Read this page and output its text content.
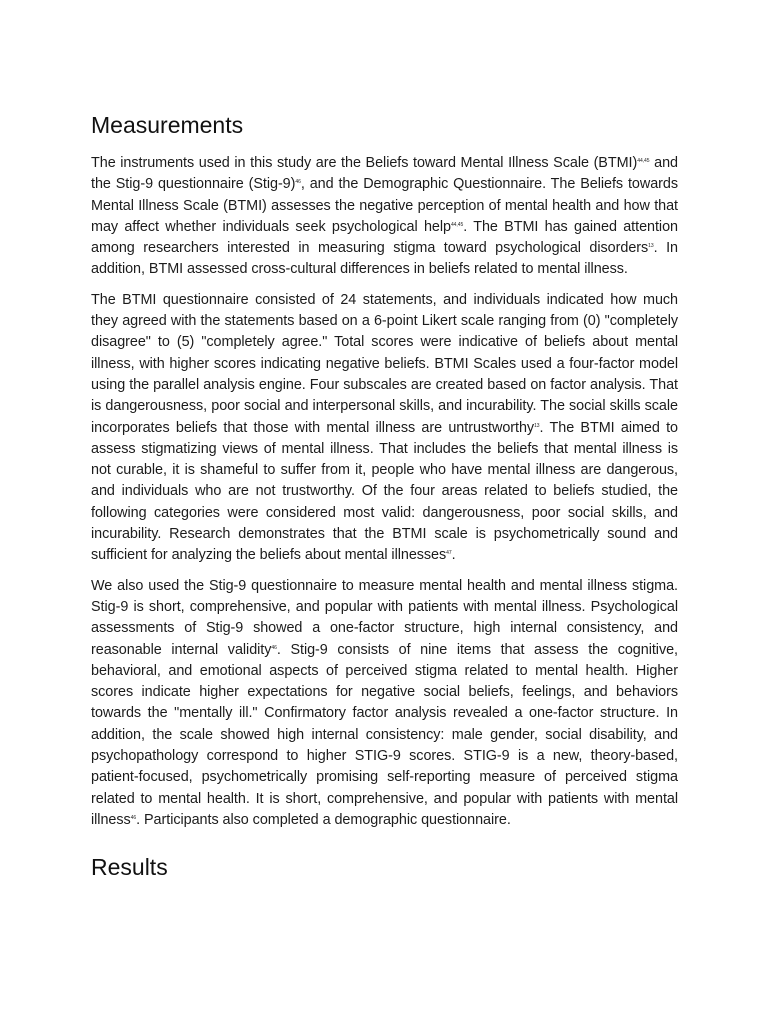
Measurements

The instruments used in this study are the Beliefs toward Mental Illness Scale (BTMI)$^{44,45}$ and the Stig-9 questionnaire (Stig-9)$^{46}$, and the Demographic Questionnaire. The Beliefs towards Mental Illness Scale (BTMI) assesses the negative perception of mental health and how that may affect whether individuals seek psychological help$^{44,45}$. The BTMI has gained attention among researchers interested in measuring stigma toward psychological disorders$^{13}$. In addition, BTMI assessed cross-cultural differences in beliefs related to mental illness.

The BTMI questionnaire consisted of 24 statements, and individuals indicated how much they agreed with the statements based on a 6-point Likert scale ranging from (0) "completely disagree" to (5) "completely agree." Total scores were indicative of beliefs about mental illness, with higher scores indicating negative beliefs. BTMI Scales used a four-factor model using the parallel analysis engine. Four subscales are created based on factor analysis. That is dangerousness, poor social and interpersonal skills, and incurability. The social skills scale incorporates beliefs that those with mental illness are untrustworthy$^{13}$. The BTMI aimed to assess stigmatizing views of mental illness. That includes the beliefs that mental illness is not curable, it is shameful to suffer from it, people who have mental illness are dangerous, and individuals who are not trustworthy. Of the four areas related to beliefs studied, the following categories were considered most valid: dangerousness, poor social skills, and incurability. Research demonstrates that the BTMI scale is psychometrically sound and sufficient for analyzing the beliefs about mental illnesses$^{47}$.

We also used the Stig-9 questionnaire to measure mental health and mental illness stigma. Stig-9 is short, comprehensive, and popular with patients with mental illness. Psychological assessments of Stig-9 showed a one-factor structure, high internal consistency, and reasonable internal validity$^{46}$. Stig-9 consists of nine items that assess the cognitive, behavioral, and emotional aspects of perceived stigma related to mental health. Higher scores indicate higher expectations for negative social beliefs, feelings, and behaviors towards the "mentally ill." Confirmatory factor analysis revealed a one-factor structure. In addition, the scale showed high internal consistency: male gender, social disability, and psychopathology correspond to higher STIG-9 scores. STIG-9 is a new, theory-based, patient-focused, psychometrically promising self-reporting measure of perceived stigma related to mental health. It is short, comprehensive, and popular with patients with mental illness$^{46}$. Participants also completed a demographic questionnaire.

Results
